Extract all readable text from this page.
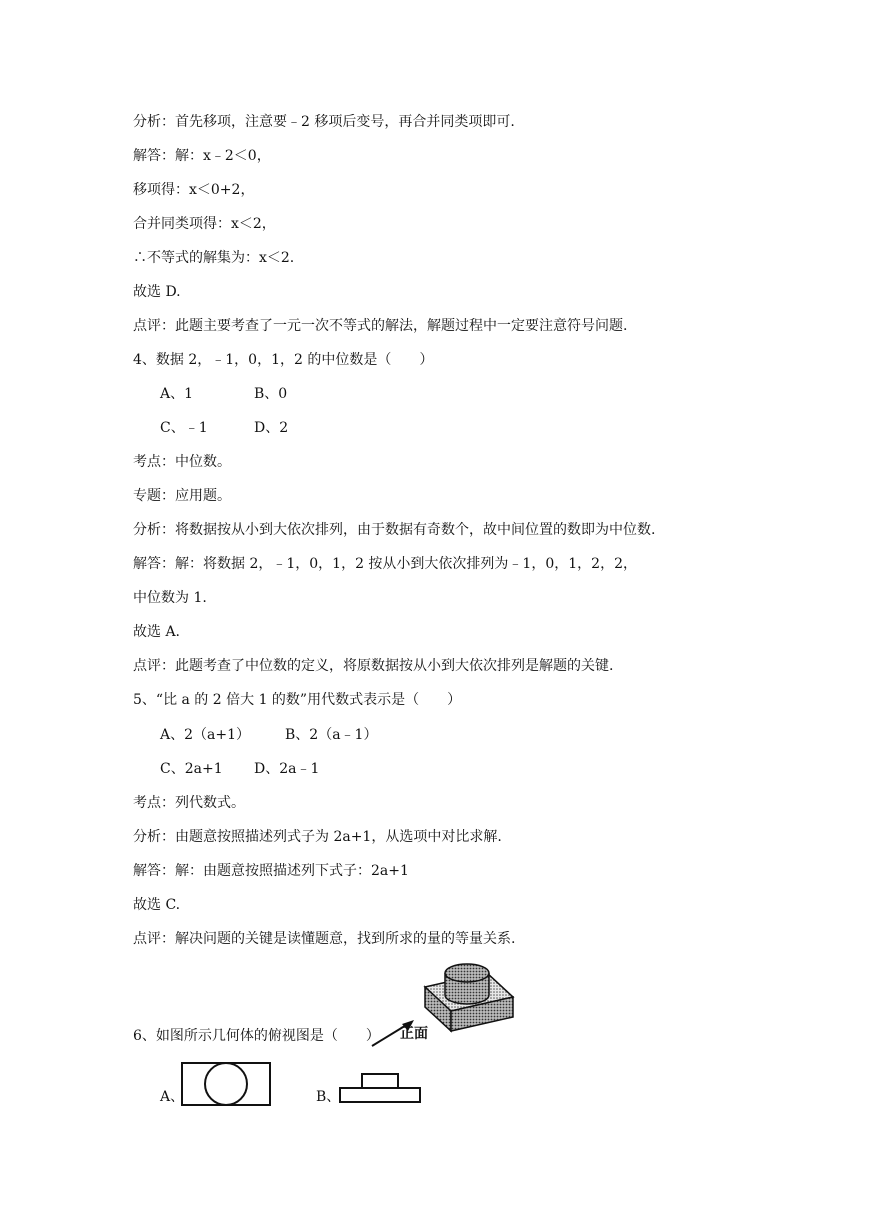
分析：首先移项，注意要﹣2 移项后变号，再合并同类项即可.
解答：解：x﹣2＜0，
移项得：x＜0+2，
合并同类项得：x＜2，
∴不等式的解集为：x＜2.
故选 D.
点评：此题主要考查了一元一次不等式的解法，解题过程中一定要注意符号问题.
4、数据 2，﹣1，0，1，2 的中位数是（　　）
A、1	B、0
C、﹣1	D、2
考点：中位数。
专题：应用题。
分析：将数据按从小到大依次排列，由于数据有奇数个，故中间位置的数即为中位数.
解答：解：将数据 2，﹣1，0，1，2 按从小到大依次排列为﹣1，0，1，2，2，
中位数为 1.
故选 A.
点评：此题考查了中位数的定义，将原数据按从小到大依次排列是解题的关键.
5、“比 a 的 2 倍大 1 的数”用代数式表示是（　　）
A、2（a+1） B、2（a﹣1）
C、2a+1 D、2a﹣1
考点：列代数式。
分析：由题意按照描述列式子为 2a+1，从选项中对比求解.
解答：解：由题意按照描述列下式子：2a+1
故选 C.
点评：解决问题的关键是读懂题意，找到所求的量的等量关系.
正面
6、如图所示几何体的俯视图是（　　）
A、	B、
